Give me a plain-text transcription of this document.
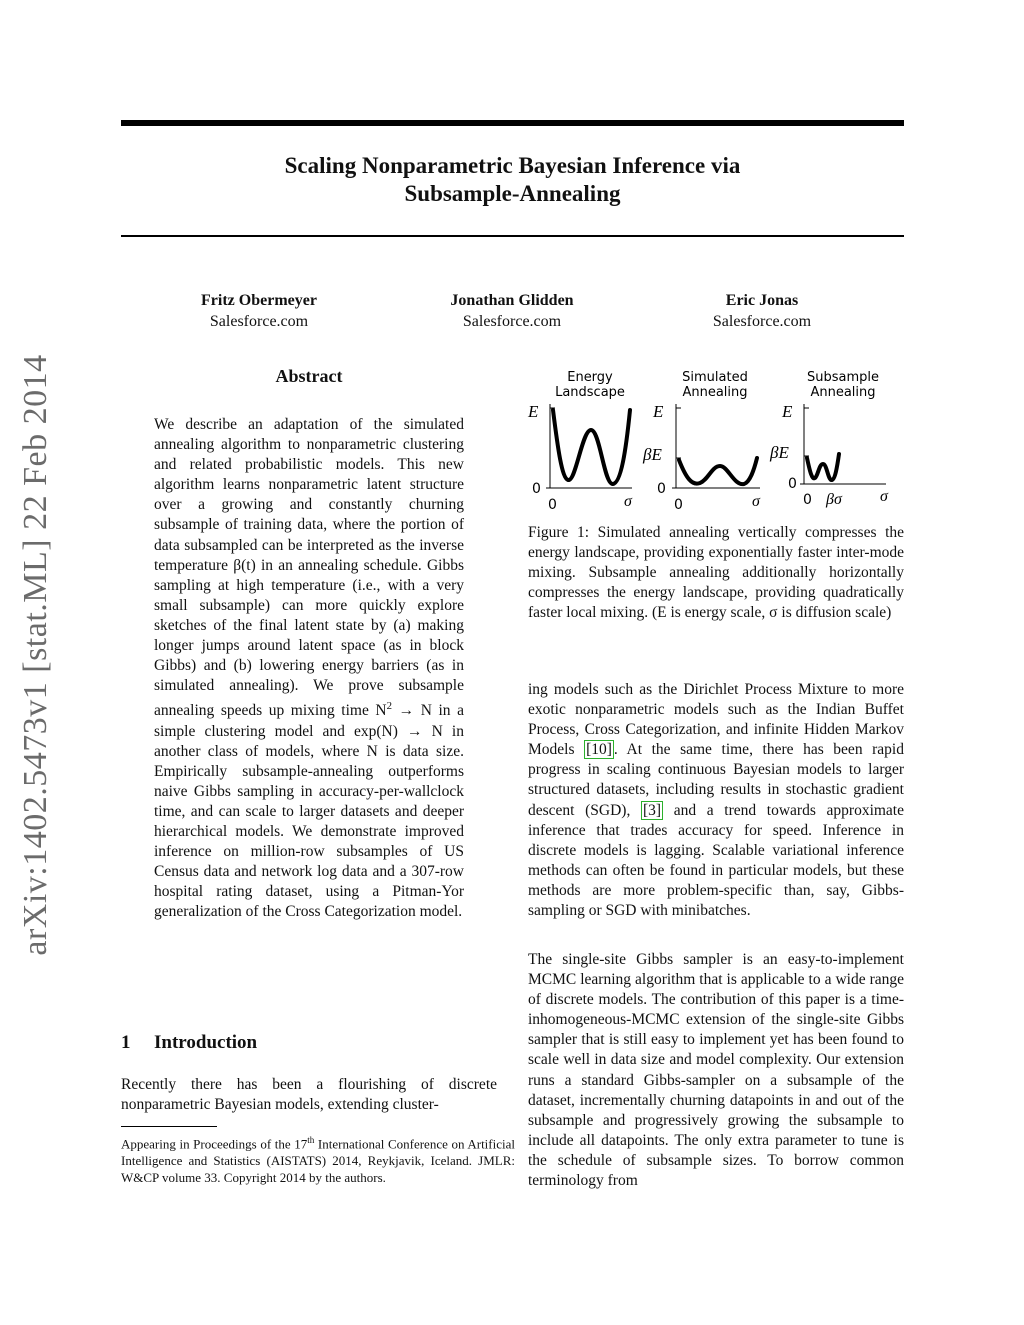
arXiv:1402.5473v1 [stat.ML] 22 Feb 2014
Scaling Nonparametric Bayesian Inference via
Subsample-Annealing
Fritz Obermeyer
Salesforce.com
Jonathan Glidden
Salesforce.com
Eric Jonas
Salesforce.com
Abstract
We describe an adaptation of the simulated annealing algorithm to nonparametric clustering and related probabilistic models. This new algorithm learns nonparametric latent structure over a growing and constantly churning subsample of training data, where the portion of data subsampled can be interpreted as the inverse temperature β(t) in an annealing schedule. Gibbs sampling at high temperature (i.e., with a very small subsample) can more quickly explore sketches of the final latent state by (a) making longer jumps around latent space (as in block Gibbs) and (b) lowering energy barriers (as in simulated annealing). We prove subsample annealing speeds up mixing time $N^2 \to N$ in a simple clustering model and exp(N) → N in another class of models, where N is data size. Empirically subsample-annealing outperforms naive Gibbs sampling in accuracy-per-wallclock time, and can scale to larger datasets and deeper hierarchical models. We demonstrate improved inference on million-row subsamples of US Census data and network log data and a 307-row hospital rating dataset, using a Pitman-Yor generalization of the Cross Categorization model.
1 Introduction
Recently there has been a flourishing of discrete nonparametric Bayesian models, extending cluster-
Appearing in Proceedings of the 17th International Conference on Artificial Intelligence and Statistics (AISTATS) 2014, Reykjavik, Iceland. JMLR: W&CP volume 33. Copyright 2014 by the authors.
Energy
Landscape
E
0
0	σ
Simulated
Annealing
E
βE
0
0	σ
Subsample
Annealing
E
βE
0
0 βσ σ
Figure 1: Simulated annealing vertically compresses the energy landscape, providing exponentially faster inter-mode mixing. Subsample annealing additionally horizontally compresses the energy landscape, providing quadratically faster local mixing. (E is energy scale, σ is diffusion scale)
ing models such as the Dirichlet Process Mixture to more exotic nonparametric models such as the Indian Buffet Process, Cross Categorization, and infinite Hidden Markov Models [10] . At the same time, there has been rapid progress in scaling continuous Bayesian models to larger structured datasets, including results in stochastic gradient descent (SGD), [3] and a trend towards approximate inference that trades accuracy for speed. Inference in discrete models is lagging. Scalable variational inference methods can often be found in particular models, but these methods are more problem-specific than, say, Gibbs-sampling or SGD with minibatches.
The single-site Gibbs sampler is an easy-to-implement MCMC learning algorithm that is applicable to a wide range of discrete models. The contribution of this paper is a time-inhomogeneous-MCMC extension of the single-site Gibbs sampler that is still easy to implement yet has been found to scale well in data size and model complexity. Our extension runs a standard Gibbs-sampler on a subsample of the dataset, incrementally churning datapoints in and out of the subsample and progressively growing the subsample to include all datapoints. The only extra parameter to tune is the schedule of subsample sizes. To borrow common terminology from
